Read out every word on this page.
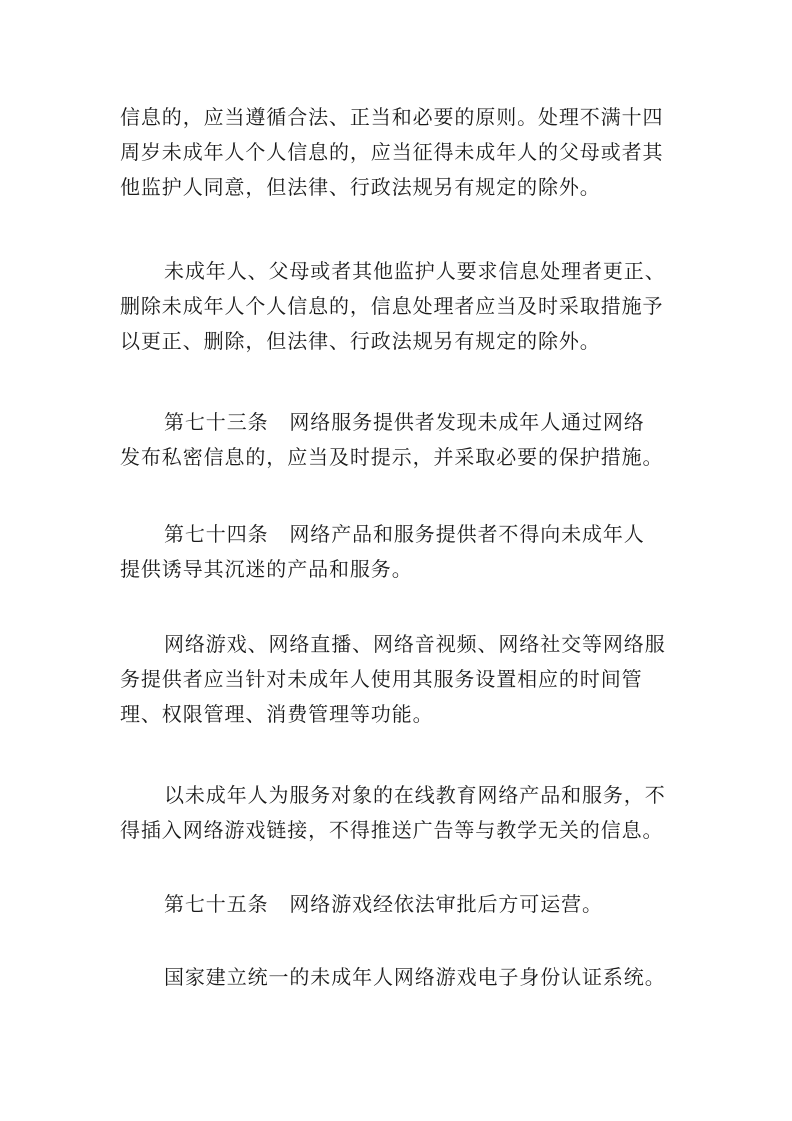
信息的，应当遵循合法、正当和必要的原则。处理不满十四
周岁未成年人个人信息的，应当征得未成年人的父母或者其
他监护人同意，但法律、行政法规另有规定的除外。
未成年人、父母或者其他监护人要求信息处理者更正、
删除未成年人个人信息的，信息处理者应当及时采取措施予
以更正、删除，但法律、行政法规另有规定的除外。
第七十三条　网络服务提供者发现未成年人通过网络
发布私密信息的，应当及时提示，并采取必要的保护措施。
第七十四条　网络产品和服务提供者不得向未成年人
提供诱导其沉迷的产品和服务。
网络游戏、网络直播、网络音视频、网络社交等网络服
务提供者应当针对未成年人使用其服务设置相应的时间管
理、权限管理、消费管理等功能。
以未成年人为服务对象的在线教育网络产品和服务，不
得插入网络游戏链接，不得推送广告等与教学无关的信息。
第七十五条　网络游戏经依法审批后方可运营。
国家建立统一的未成年人网络游戏电子身份认证系统。
